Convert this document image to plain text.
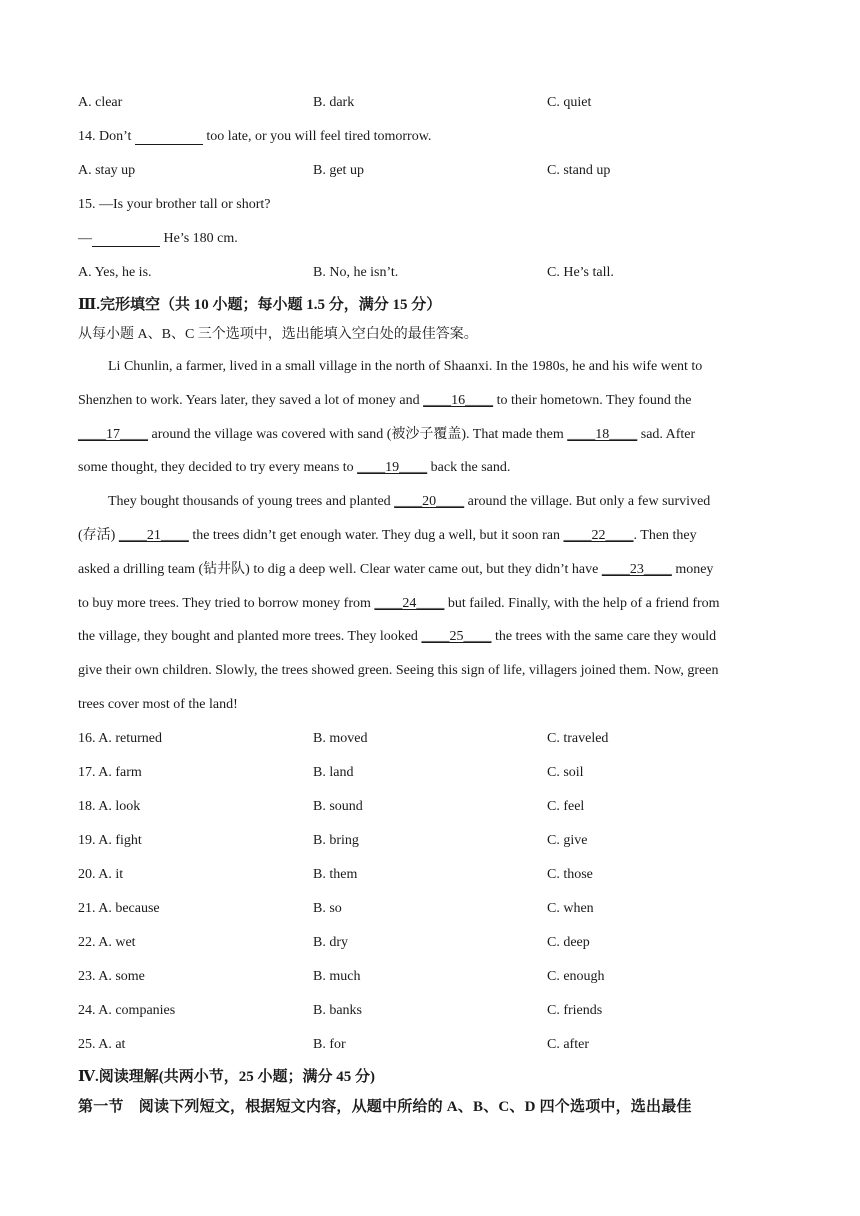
A. clear	B. dark	C. quiet
14. Don’t	too late, or you will feel tired tomorrow.
A. stay up	B. get up	C. stand up
15. —Is your brother tall or short?
—	He’s 180 cm.
A. Yes, he is.	B. No, he isn’t.	C. He’s tall.
Ⅲ.完形填空（共 10 小题；每小题 1.5 分，满分 15 分）
从每小题 A、B、C 三个选项中，选出能填入空白处的最佳答案。
Li Chunlin, a farmer, lived in a small village in the north of Shaanxi. In the 1980s, he and his wife went to
Shenzhen to work. Years later, they saved a lot of money and ____16____ to their hometown. They found the
____17____ around the village was covered with sand (被沙子覆盖). That made them ____18____ sad. After
some thought, they decided to try every means to ____19____ back the sand.
They bought thousands of young trees and planted ____20____ around the village. But only a few survived
(存活) ____21____ the trees didn’t get enough water. They dug a well, but it soon ran ____22____. Then they
asked a drilling team (钻井队) to dig a deep well. Clear water came out, but they didn’t have ____23____ money
to buy more trees. They tried to borrow money from ____24____ but failed. Finally, with the help of a friend from
the village, they bought and planted more trees. They looked ____25____ the trees with the same care they would
give their own children. Slowly, the trees showed green. Seeing this sign of life, villagers joined them. Now, green
trees cover most of the land!
16. A. returned	B. moved	C. traveled
17. A. farm	B. land	C. soil
18. A. look	B. sound	C. feel
19. A. fight	B. bring	C. give
20. A. it	B. them	C. those
21. A. because	B. so	C. when
22. A. wet	B. dry	C. deep
23. A. some	B. much	C. enough
24. A. companies	B. banks	C. friends
25. A. at	B. for	C. after
Ⅳ.阅读理解(共两小节，25 小题；满分 45 分)
第一节　阅读下列短文，根据短文内容，从题中所给的 A、B、C、D 四个选项中，选出最佳
